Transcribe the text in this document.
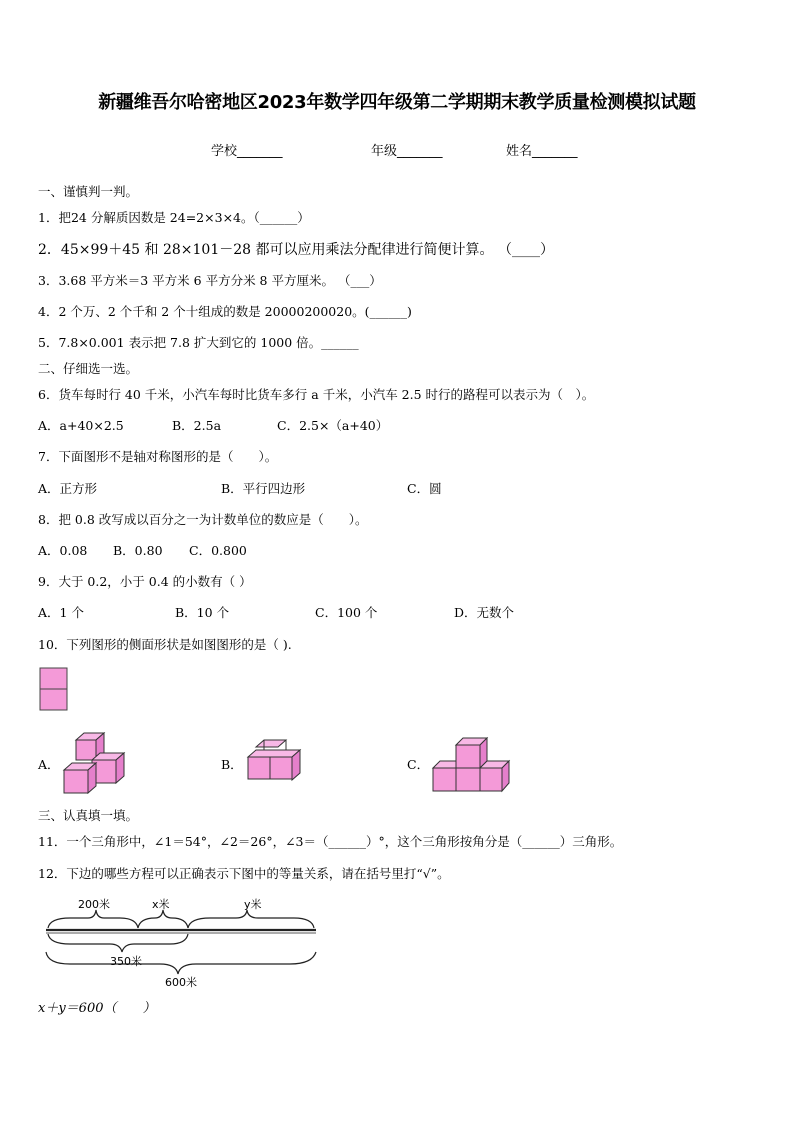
新疆维吾尔哈密地区2023年数学四年级第二学期期末教学质量检测模拟试题
学校_______	年级_______	姓名_______
一、谨慎判一判。
1．把24 分解质因数是 24=2×3×4。（______）
2．45×99＋45 和 28×101－28 都可以应用乘法分配律进行简便计算。 （____）
3．3.68 平方米＝3 平方米 6 平方分米 8 平方厘米。 （___）
4．2 个万、2 个千和 2 个十组成的数是 20000200020。(______)
5．7.8×0.001 表示把 7.8 扩大到它的 1000 倍。______
二、仔细选一选。
6．货车每时行 40 千米，小汽车每时比货车多行 a 千米，小汽车 2.5 时行的路程可以表示为（　）。
A．a+40×2.5	B．2.5a	C．2.5×（a+40）
7．下面图形不是轴对称图形的是（　　）。
A．正方形	B．平行四边形	C．圆
8．把 0.8 改写成以百分之一为计数单位的数应是（　　）。
A．0.08 B．0.80 C．0.800
9．大于 0.2，小于 0.4 的小数有（ ）
A．1 个	B．10 个	C．100 个	D．无数个
10．下列图形的侧面形状是如图图形的是（ ).
A．	B．	C．
三、认真填一填。
11．一个三角形中，∠1＝54°，∠2＝26°，∠3＝（______）°，这个三角形按角分是（______）三角形。
12．下边的哪些方程可以正确表示下图中的等量关系，请在括号里打“√”。
200米	x米	y米
350米
600米
x＋y＝600（　　）
